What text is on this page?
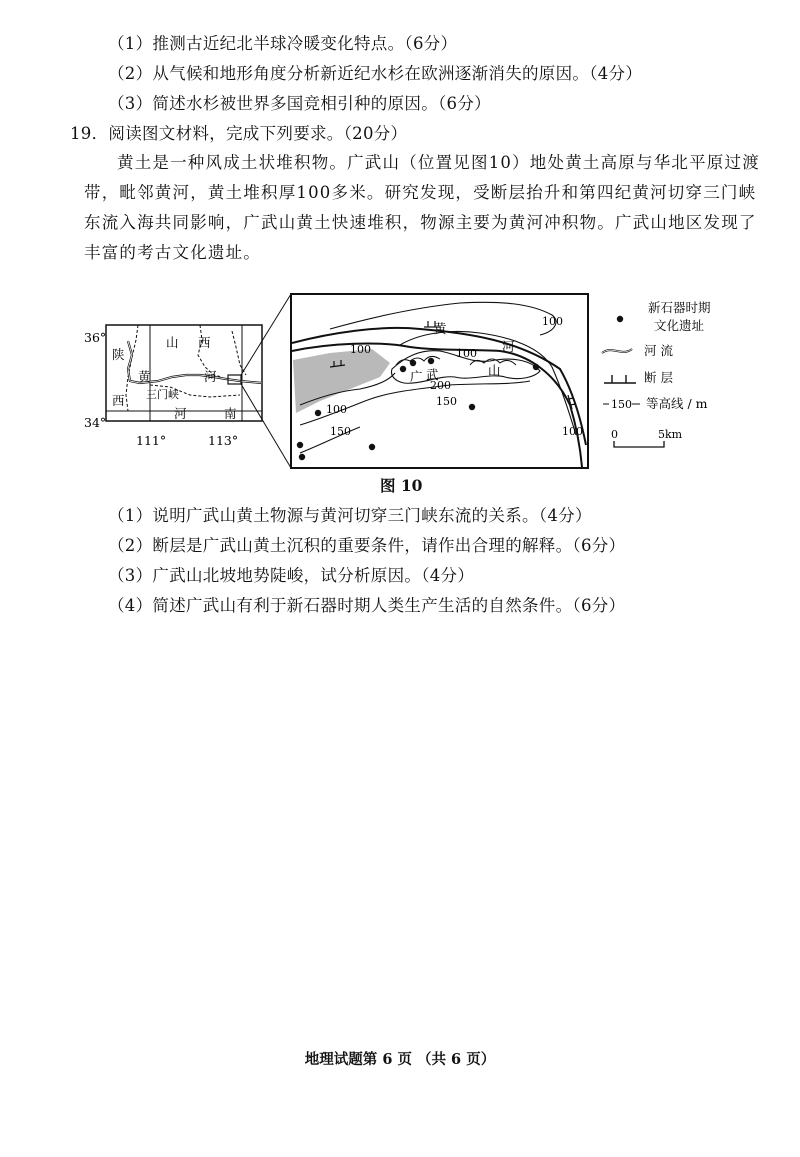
（1）推测古近纪北半球冷暖变化特点。（6分）
（2）从气候和地形角度分析新近纪水杉在欧洲逐渐消失的原因。（4分）
（3）简述水杉被世界多国竞相引种的原因。（6分）
19．阅读图文材料，完成下列要求。（20分）
黄土是一种风成土状堆积物。广武山（位置见图10）地处黄土高原与华北平原过渡带，毗邻黄河，黄土堆积厚100多米。研究发现，受断层抬升和第四纪黄河切穿三门峡东流入海共同影响，广武山黄土快速堆积，物源主要为黄河冲积物。广武山地区发现了丰富的考古文化遗址。
36°
34°
111°	113°
陕
西
山 西
黄	河
三门峡
河	南
黄
河
广 武	山
100
100
100
100
100
200
150
150
新石器时期
文化遗址
河 流
断 层
150 等高线 / m
0	5km
图 10
（1）说明广武山黄土物源与黄河切穿三门峡东流的关系。（4分）
（2）断层是广武山黄土沉积的重要条件，请作出合理的解释。（6分）
（3）广武山北坡地势陡峻，试分析原因。（4分）
（4）简述广武山有利于新石器时期人类生产生活的自然条件。（6分）
地理试题第 6 页 （共 6 页）
